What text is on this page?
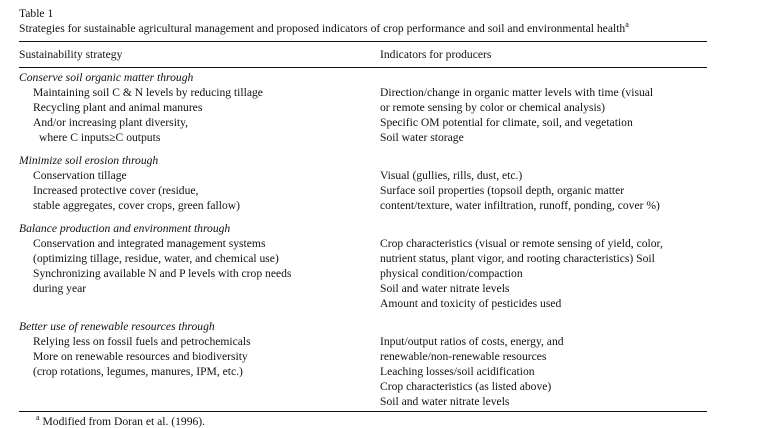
Table 1
Strategies for sustainable agricultural management and proposed indicators of crop performance and soil and environmental health$^a$
Sustainability strategy	Indicators for producers
Conserve soil organic matter through
Maintaining soil C & N levels by reducing tillage
Recycling plant and animal manures
And/or increasing plant diversity,
where C inputs≥C outputs
Direction/change in organic matter levels with time (visual
or remote sensing by color or chemical analysis)
Specific OM potential for climate, soil, and vegetation
Soil water storage
Minimize soil erosion through
Conservation tillage
Increased protective cover (residue,
stable aggregates, cover crops, green fallow)
Visual (gullies, rills, dust, etc.)
Surface soil properties (topsoil depth, organic matter
content/texture, water infiltration, runoff, ponding, cover %)
Balance production and environment through
Conservation and integrated management systems
(optimizing tillage, residue, water, and chemical use)
Synchronizing available N and P levels with crop needs
during year
Crop characteristics (visual or remote sensing of yield, color,
nutrient status, plant vigor, and rooting characteristics) Soil
physical condition/compaction
Soil and water nitrate levels
Amount and toxicity of pesticides used
Better use of renewable resources through
Relying less on fossil fuels and petrochemicals
More on renewable resources and biodiversity
(crop rotations, legumes, manures, IPM, etc.)
Input/output ratios of costs, energy, and
renewable/non-renewable resources
Leaching losses/soil acidification
Crop characteristics (as listed above)
Soil and water nitrate levels
$^a$ Modified from Doran et al. (1996).
